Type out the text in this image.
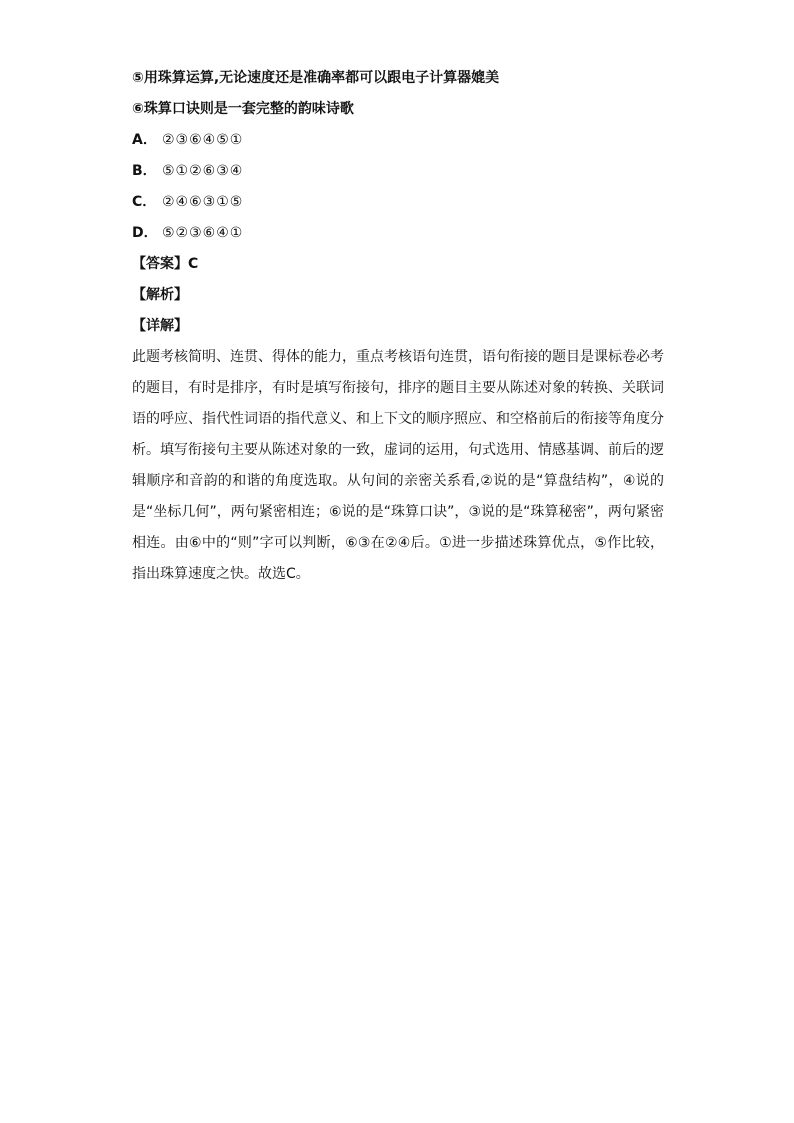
⑤用珠算运算,无论速度还是准确率都可以跟电子计算器媲美
⑥珠算口诀则是一套完整的韵味诗歌
A． ②③⑥④⑤①
B． ⑤①②⑥③④
C． ②④⑥③①⑤
D． ⑤②③⑥④①
【答案】C
【解析】
【详解】

此题考核简明、连贯、得体的能力，重点考核语句连贯，语句衔接的题目是课标卷必考的题目，有时是排序，有时是填写衔接句，排序的题目主要从陈述对象的转换、关联词语的呼应、指代性词语的指代意义、和上下文的顺序照应、和空格前后的衔接等角度分析。填写衔接句主要从陈述对象的一致，虚词的运用，句式选用、情感基调、前后的逻辑顺序和音韵的和谐的角度选取。从句间的亲密关系看,②说的是“算盘结构”，④说的是“坐标几何”，两句紧密相连；⑥说的是“珠算口诀”，③说的是“珠算秘密”，两句紧密相连。由⑥中的“则”字可以判断，⑥③在②④后。①进一步描述珠算优点，⑤作比较，指出珠算速度之快。故选C。
